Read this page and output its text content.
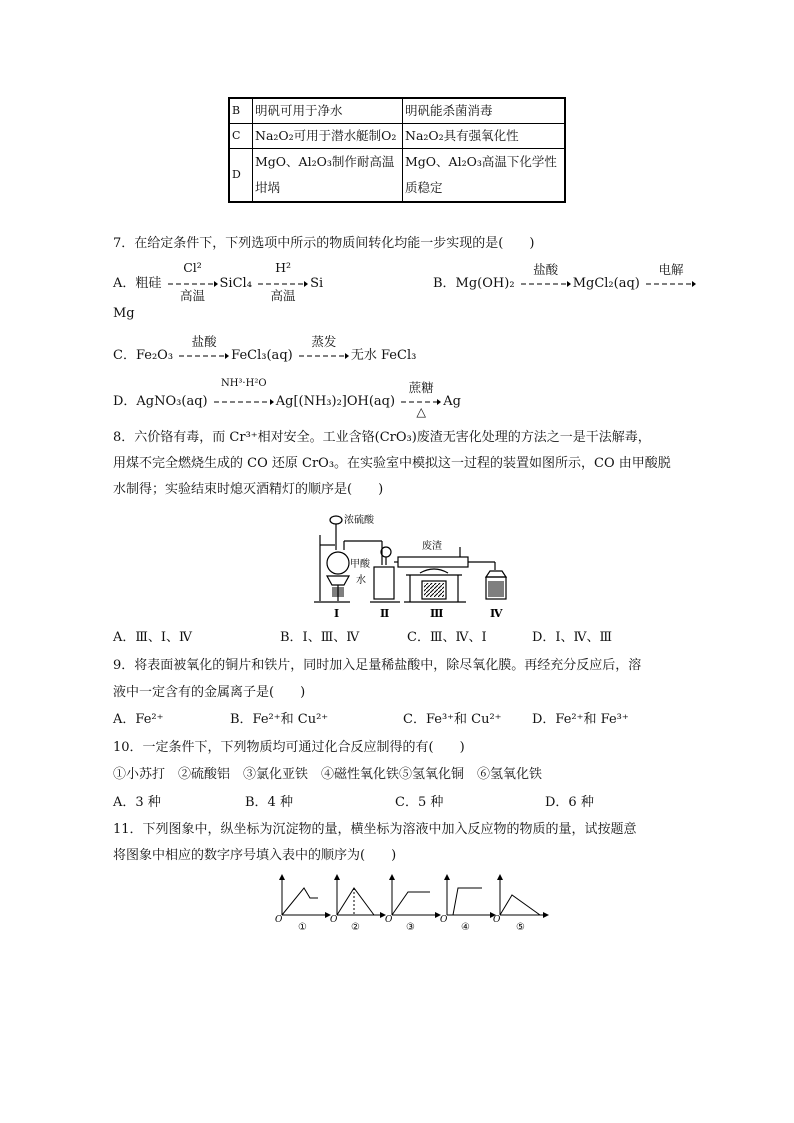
B	明矾可用于净水	明矾能杀菌消毒
C	Na₂O₂可用于潜水艇制O₂	Na₂O₂具有强氧化性
D	MgO、Al₂O₃制作耐高温坩埚	MgO、Al₂O₃高温下化学性质稳定
7．在给定条件下，下列选项中所示的物质间转化均能一步实现的是(　　)
A．粗硅
Cl²
高温
SiCl₄
H²
高温
Si	B．Mg(OH)₂
盐酸
MgCl₂(aq)
电解
Mg
C．Fe₂O₃
盐酸
FeCl₃(aq)
蒸发
无水 FeCl₃
D．AgNO₃(aq)
NH³·H²O
Ag[(NH₃)₂]OH(aq)
蔗糖
△
Ag
8．六价铬有毒，而 Cr³⁺相对安全。工业含铬(CrO₃)废渣无害化处理的方法之一是干法解毒，
用煤不完全燃烧生成的 CO 还原 CrO₃。在实验室中模拟这一过程的装置如图所示，CO 由甲酸脱
水制得；实验结束时熄灭酒精灯的顺序是(　　)
浓硫酸
甲酸
水
废渣
Ⅰ	Ⅱ	Ⅲ	Ⅳ
A．Ⅲ、Ⅰ、Ⅳ	B．Ⅰ、Ⅲ、Ⅳ	C．Ⅲ、Ⅳ、Ⅰ	D．Ⅰ、Ⅳ、Ⅲ
9．将表面被氧化的铜片和铁片，同时加入足量稀盐酸中，除尽氧化膜。再经充分反应后，溶
液中一定含有的金属离子是(　　)
A．Fe²⁺	B．Fe²⁺和 Cu²⁺	C．Fe³⁺和 Cu²⁺ D．Fe²⁺和 Fe³⁺
10．一定条件下，下列物质均可通过化合反应制得的有(　　)
①小苏打　②硫酸铝　③氯化亚铁　④磁性氧化铁⑤氢氧化铜　⑥氢氧化铁
A．3 种	B．4 种	C．5 种	D．6 种
11．下列图象中，纵坐标为沉淀物的量，横坐标为溶液中加入反应物的物质的量，试按题意
将图象中相应的数字序号填入表中的顺序为(　　)
O	O	O	O	O
①	②	③	④	⑤
